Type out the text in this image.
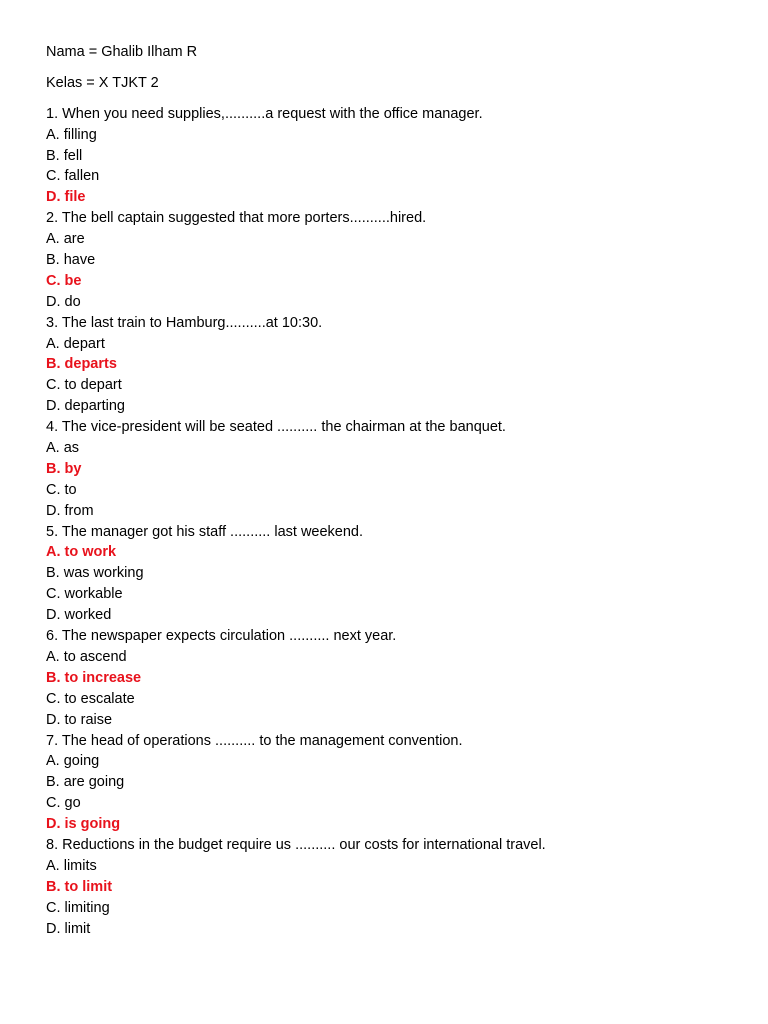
Nama = Ghalib Ilham R
Kelas = X TJKT 2
1. When you need supplies,..........a request with the office manager.
A. filling
B. fell
C. fallen
D. file
2. The bell captain suggested that more porters..........hired.
A. are
B. have
C. be
D. do
3. The last train to Hamburg..........at 10:30.
A. depart
B. departs
C. to depart
D. departing
4. The vice-president will be seated .......... the chairman at the banquet.
A. as
B. by
C. to
D. from
5. The manager got his staff .......... last weekend.
A. to work
B. was working
C. workable
D. worked
6. The newspaper expects circulation .......... next year.
A. to ascend
B. to increase
C. to escalate
D. to raise
7. The head of operations .......... to the management convention.
A. going
B. are going
C. go
D. is going
8. Reductions in the budget require us .......... our costs for international travel.
A. limits
B. to limit
C. limiting
D. limit
